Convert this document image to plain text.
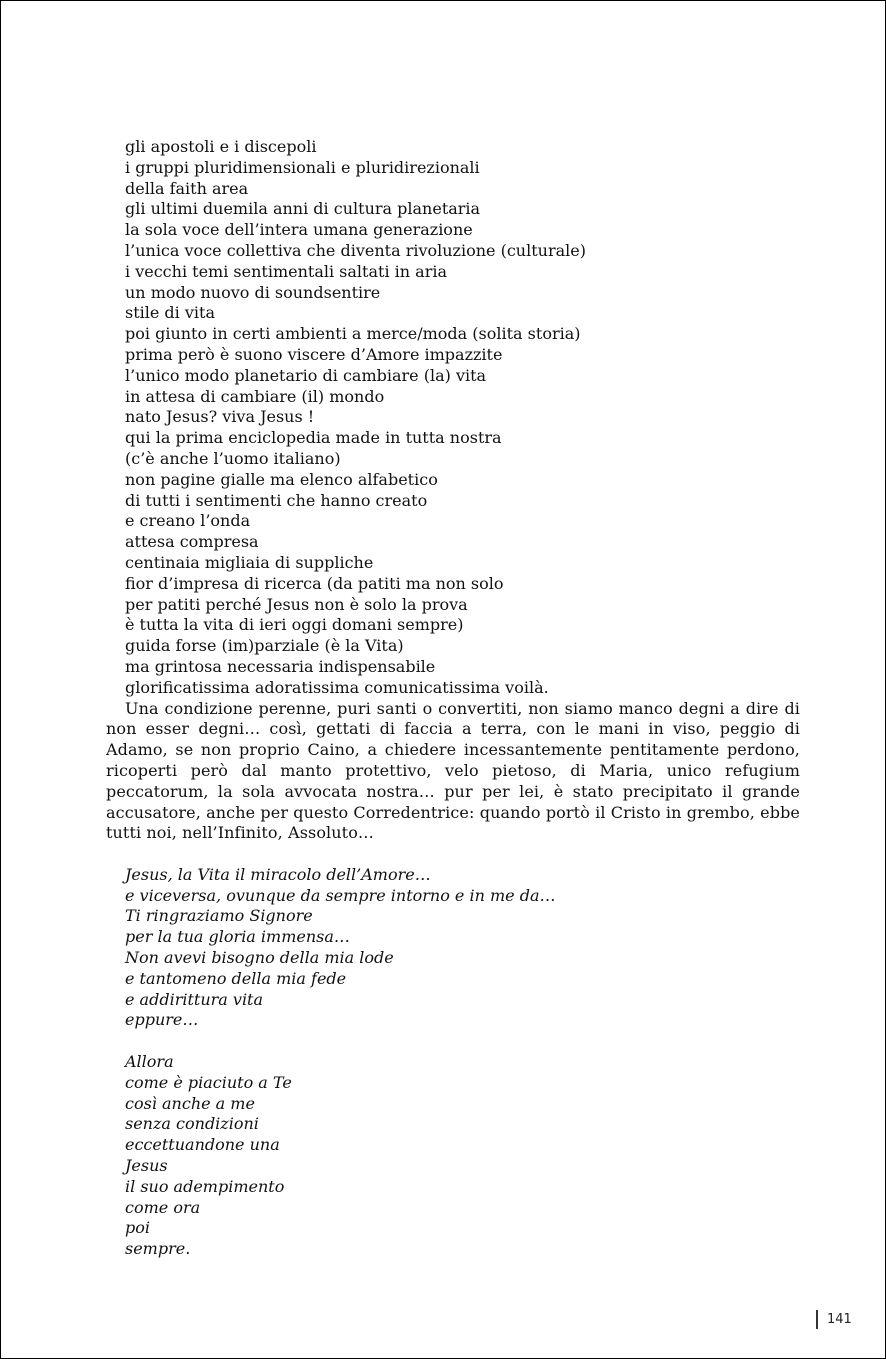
gli apostoli e i discepoli
i gruppi pluridimensionali e pluridirezionali
della faith area
gli ultimi duemila anni di cultura planetaria
la sola voce dell’intera umana generazione
l’unica voce collettiva che diventa rivoluzione (culturale)
i vecchi temi sentimentali saltati in aria
un modo nuovo di soundsentire
stile di vita
poi giunto in certi ambienti a merce/moda (solita storia)
prima però è suono viscere d’Amore impazzite
l’unico modo planetario di cambiare (la) vita
in attesa di cambiare (il) mondo
nato Jesus? viva Jesus !
qui la prima enciclopedia made in tutta nostra
(c’è anche l’uomo italiano)
non pagine gialle ma elenco alfabetico
di tutti i sentimenti che hanno creato
e creano l’onda
attesa compresa
centinaia migliaia di suppliche
fior d’impresa di ricerca (da patiti ma non solo
per patiti perché Jesus non è solo la prova
è tutta la vita di ieri oggi domani sempre)
guida forse (im)parziale (è la Vita)
ma grintosa necessaria indispensabile
glorificatissima adoratissima comunicatissima voilà.

Una condizione perenne, puri santi o convertiti, non siamo manco degni a dire di non esser degni… così, gettati di faccia a terra, con le mani in viso, peggio di Adamo, se non proprio Caino, a chiedere incessantemente pentitamente perdono, ricoperti però dal manto protettivo, velo pietoso, di Maria, unico refugium peccatorum, la sola avvocata nostra… pur per lei, è stato precipitato il grande accusatore, anche per questo Corredentrice: quando portò il Cristo in grembo, ebbe tutti noi, nell’Infinito, Assoluto…

Jesus, la Vita il miracolo dell’Amore…
e viceversa, ovunque da sempre intorno e in me da…
Ti ringraziamo Signore
per la tua gloria immensa…
Non avevi bisogno della mia lode
e tantomeno della mia fede
e addirittura vita
eppure…
Allora
come è piaciuto a Te
così anche a me
senza condizioni
eccettuandone una
Jesus
il suo adempimento
come ora
poi
sempre.
141
